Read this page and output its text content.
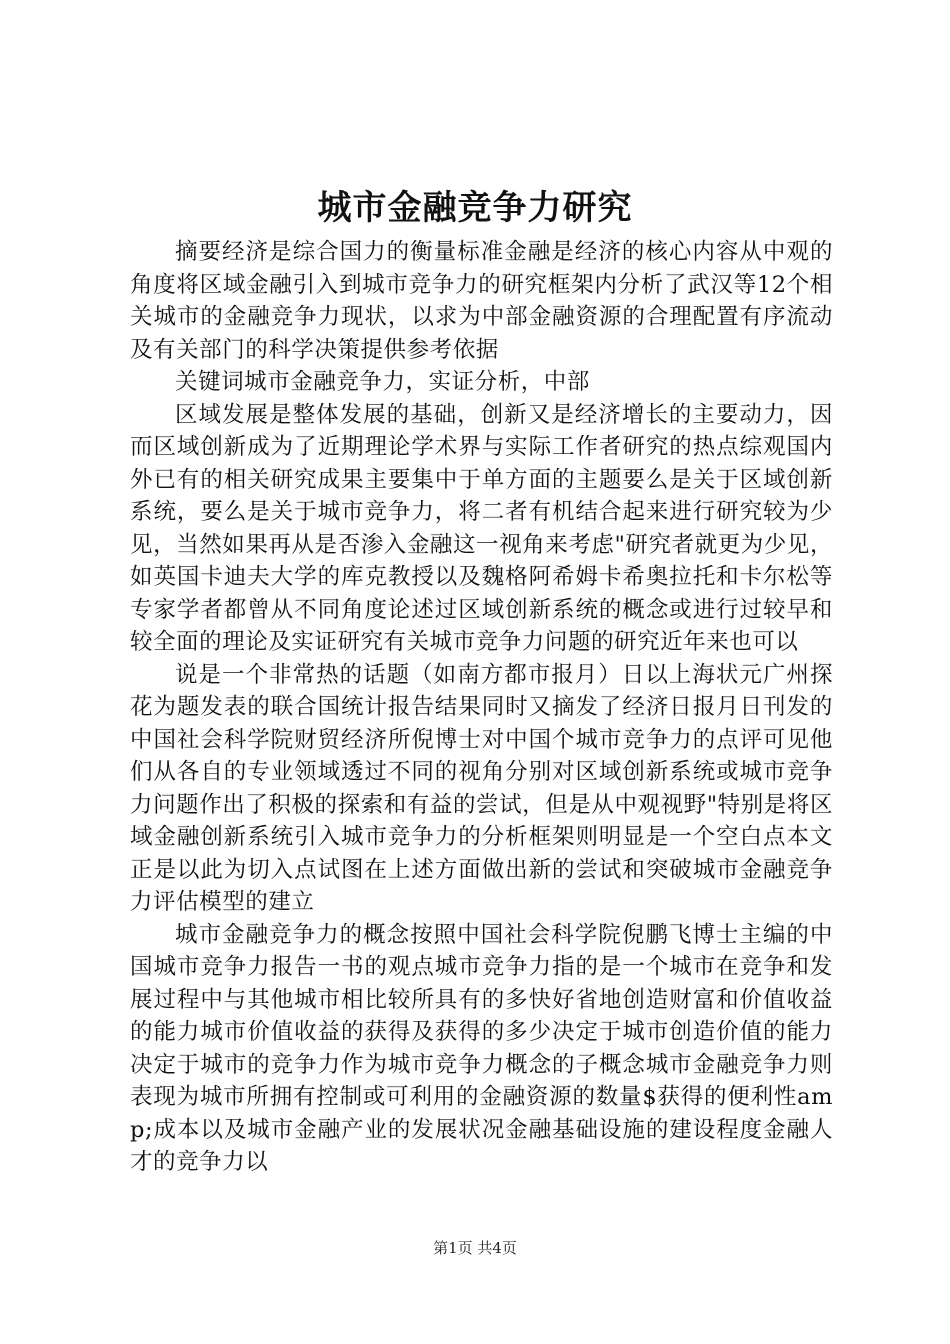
城市金融竞争力研究

摘要经济是综合国力的衡量标准金融是经济的核心内容从中观的角度将区域金融引入到城市竞争力的研究框架内分析了武汉等12个相关城市的金融竞争力现状，以求为中部金融资源的合理配置有序流动及有关部门的科学决策提供参考依据

关键词城市金融竞争力，实证分析，中部

区域发展是整体发展的基础，创新又是经济增长的主要动力，因而区域创新成为了近期理论学术界与实际工作者研究的热点综观国内外已有的相关研究成果主要集中于单方面的主题要么是关于区域创新系统，要么是关于城市竞争力，将二者有机结合起来进行研究较为少见，当然如果再从是否渗入金融这一视角来考虑"研究者就更为少见，如英国卡迪夫大学的库克教授以及魏格阿希姆卡希奥拉托和卡尔松等专家学者都曾从不同角度论述过区域创新系统的概念或进行过较早和较全面的理论及实证研究有关城市竞争力问题的研究近年来也可以

说是一个非常热的话题（如南方都市报月）日以上海状元广州探花为题发表的联合国统计报告结果同时又摘发了经济日报月日刊发的中国社会科学院财贸经济所倪博士对中国个城市竞争力的点评可见他们从各自的专业领域透过不同的视角分别对区域创新系统或城市竞争力问题作出了积极的探索和有益的尝试，但是从中观视野"特别是将区域金融创新系统引入城市竞争力的分析框架则明显是一个空白点本文正是以此为切入点试图在上述方面做出新的尝试和突破城市金融竞争力评估模型的建立

城市金融竞争力的概念按照中国社会科学院倪鹏飞博士主编的中国城市竞争力报告一书的观点城市竞争力指的是一个城市在竞争和发展过程中与其他城市相比较所具有的多快好省地创造财富和价值收益的能力城市价值收益的获得及获得的多少决定于城市创造价值的能力决定于城市的竞争力作为城市竞争力概念的子概念城市金融竞争力则表现为城市所拥有控制或可利用的金融资源的数量$获得的便利性amp;成本以及城市金融产业的发展状况金融基础设施的建设程度金融人才的竞争力以

第1页 共4页
